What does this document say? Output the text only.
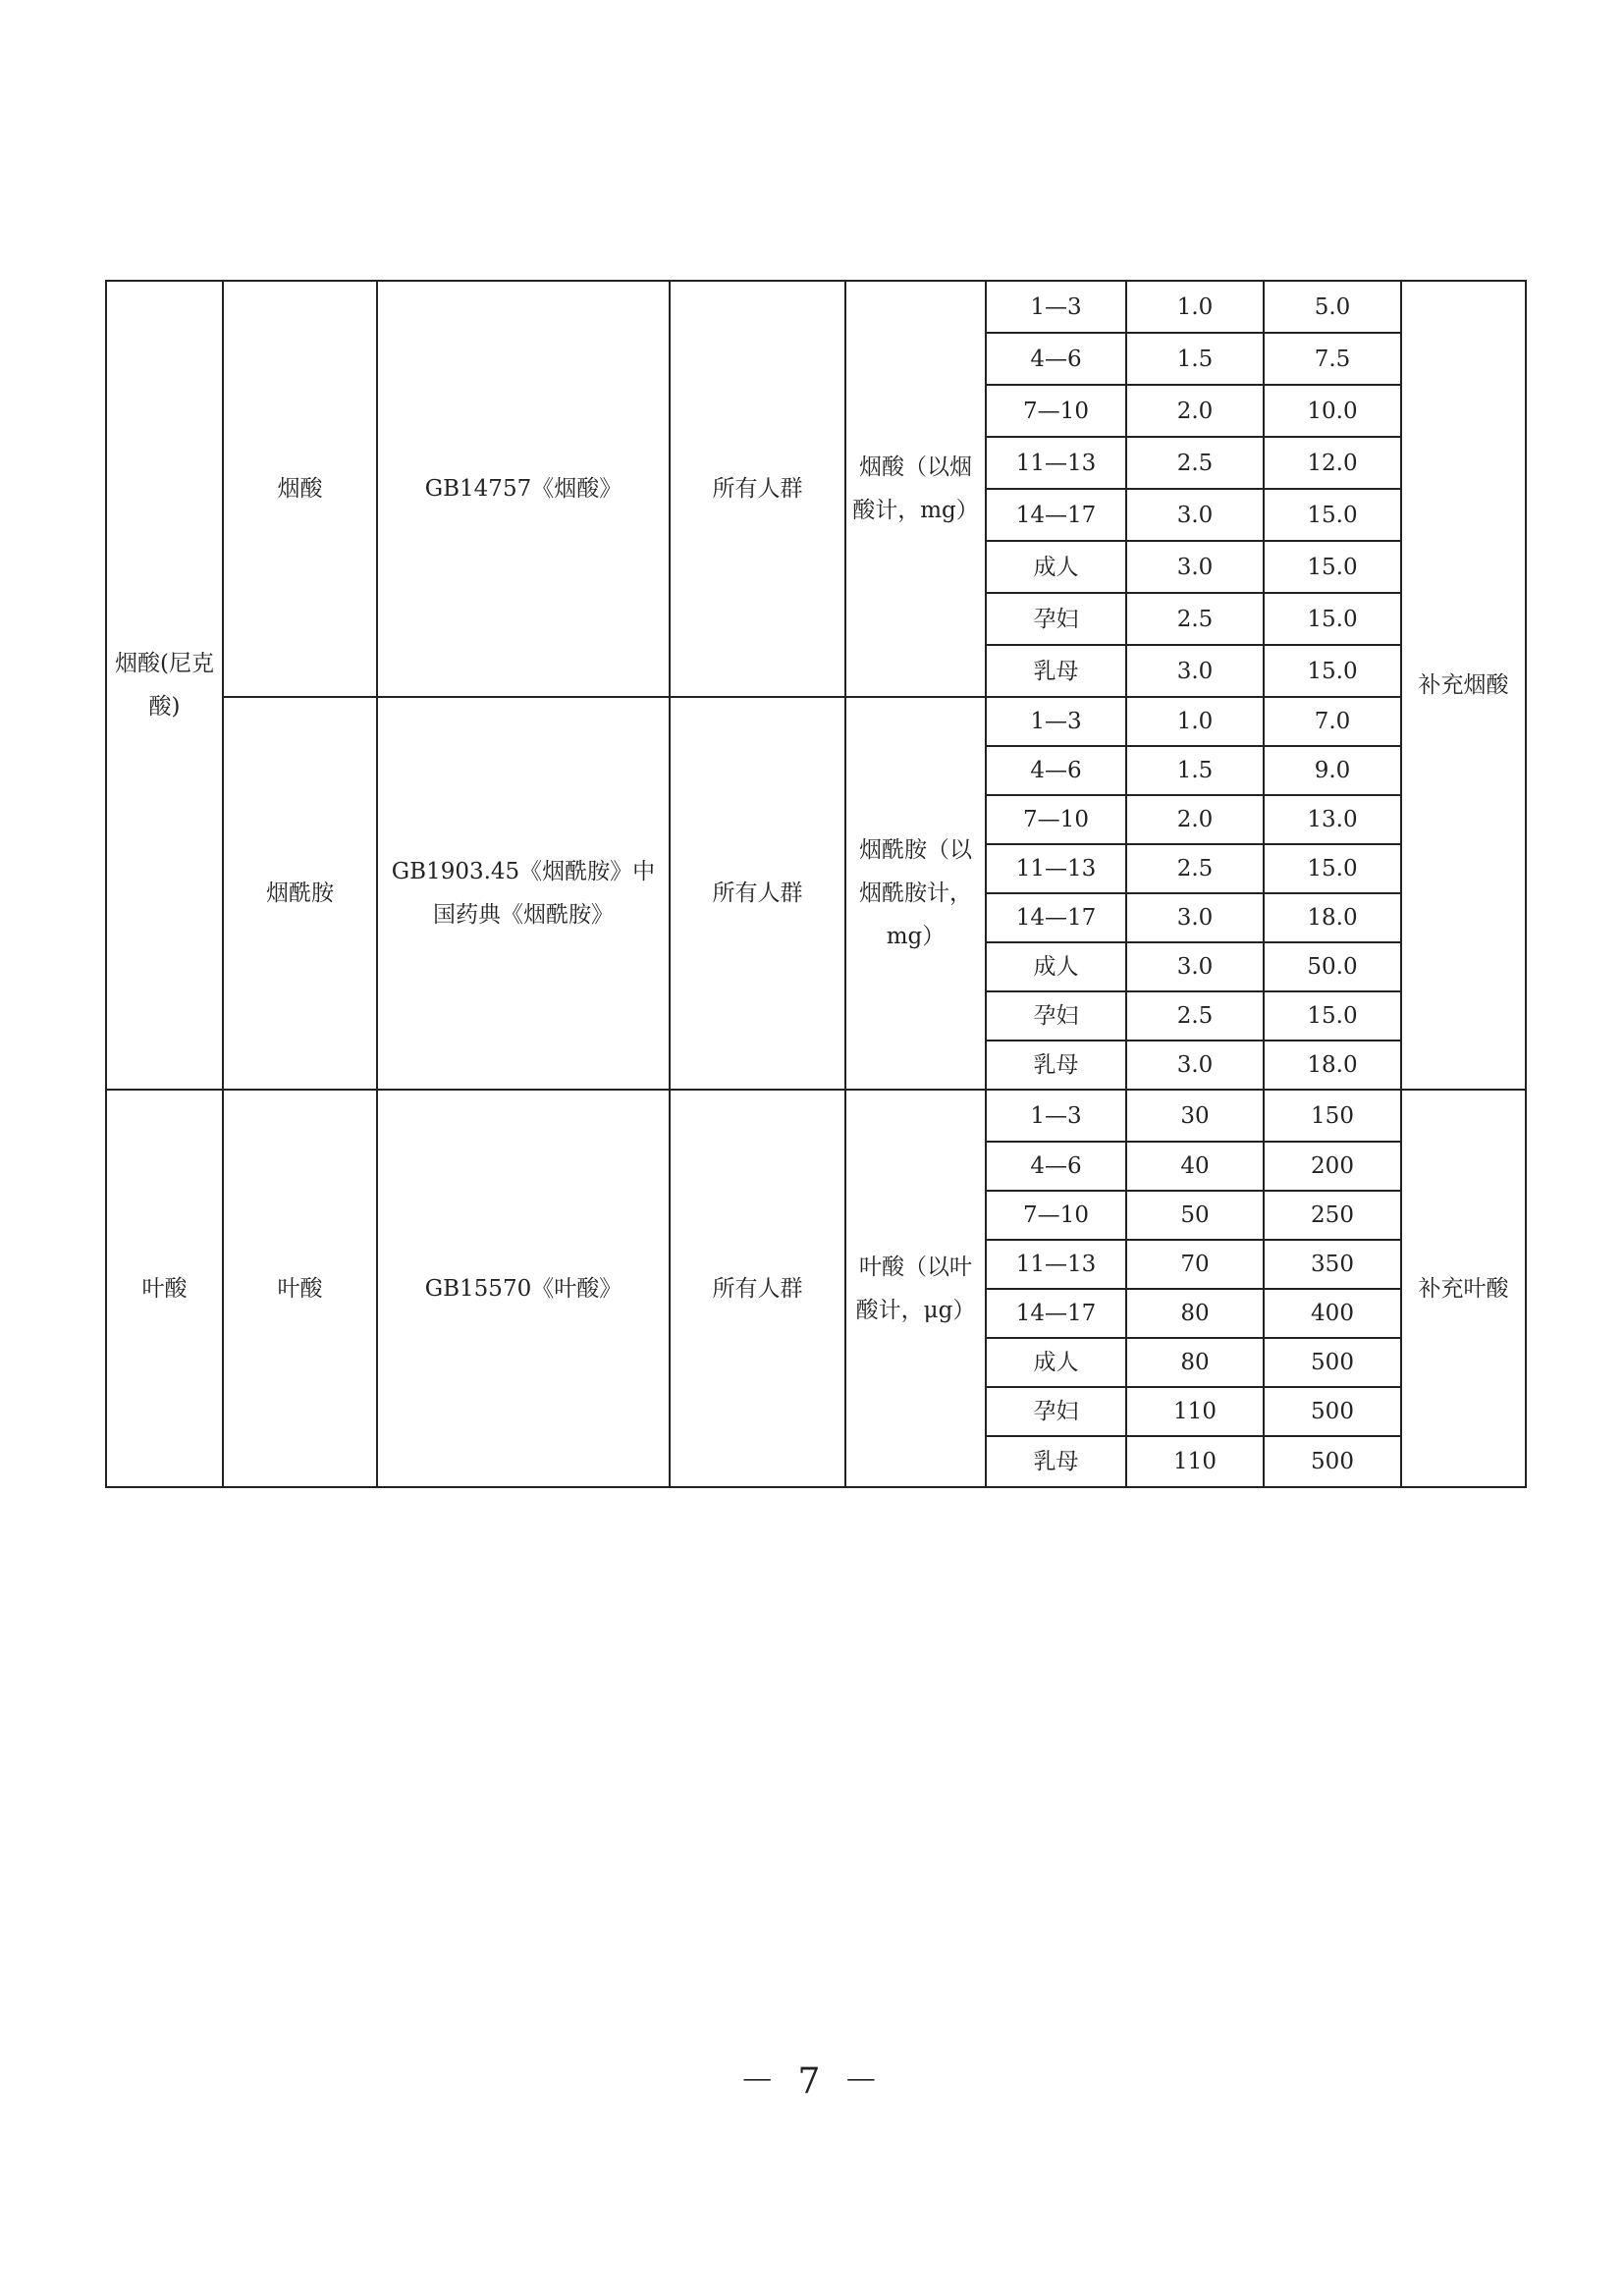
烟酸(尼克酸)	烟酸	GB14757《烟酸》	所有人群	烟酸（以烟酸计，mg）	1—3	1.0	5.0	补充烟酸
					4—6	1.5	7.5	
					7—10	2.0	10.0	
					11—13	2.5	12.0	
					14—17	3.0	15.0	
					成人	3.0	15.0	
					孕妇	2.5	15.0	
					乳母	3.0	15.0	
	烟酰胺	GB1903.45《烟酰胺》中国药典《烟酰胺》	所有人群	烟酰胺（以烟酰胺计，mg）	1—3	1.0	7.0	
					4—6	1.5	9.0	
					7—10	2.0	13.0	
					11—13	2.5	15.0	
					14—17	3.0	18.0	
					成人	3.0	50.0	
					孕妇	2.5	15.0	
					乳母	3.0	18.0	
叶酸	叶酸	GB15570《叶酸》	所有人群	叶酸（以叶酸计，μg）	1—3	30	150	补充叶酸
					4—6	40	200	
					7—10	50	250	
					11—13	70	350	
					14—17	80	400	
					成人	80	500	
					孕妇	110	500	
					乳母	110	500	
－ 7 －
